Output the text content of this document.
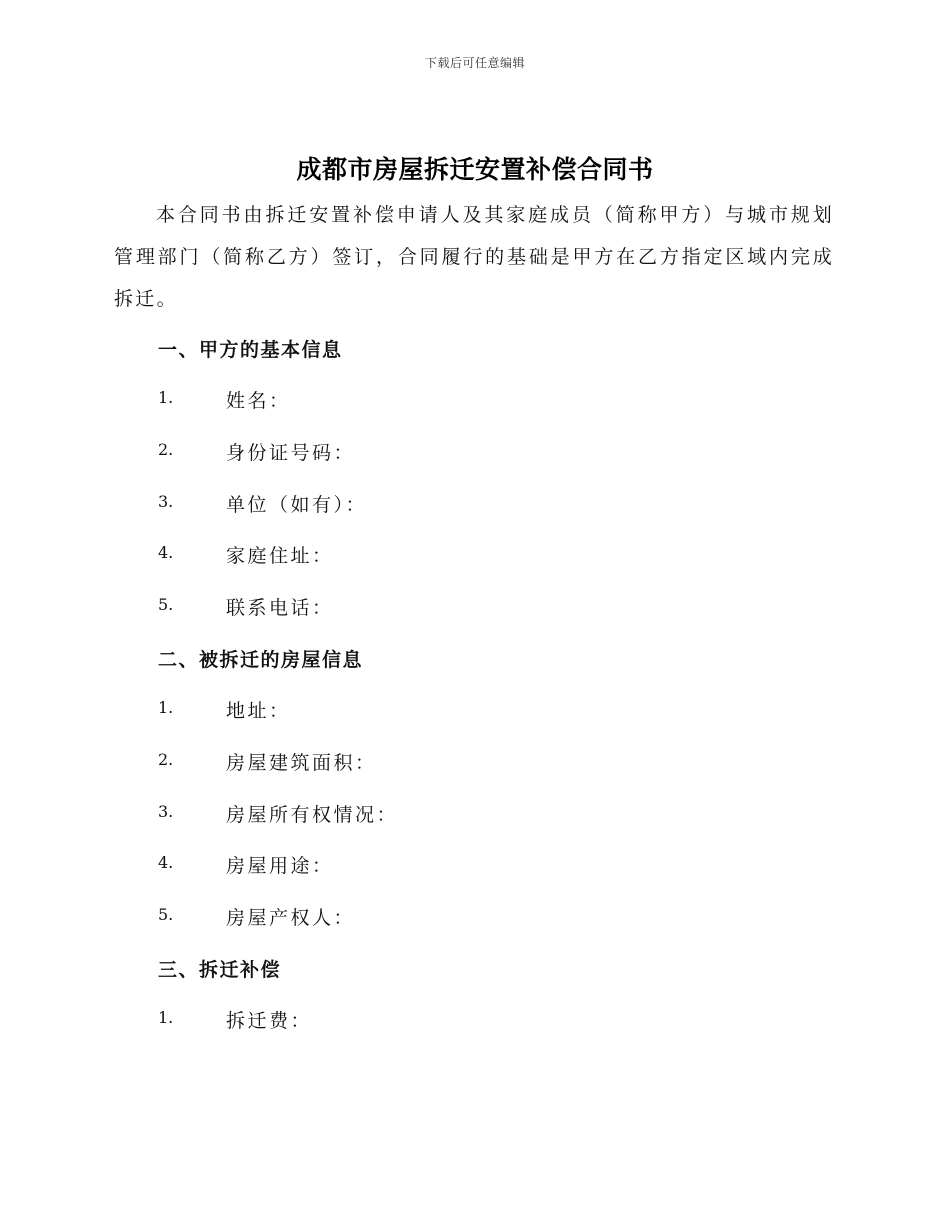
下载后可任意编辑
成都市房屋拆迁安置补偿合同书

本合同书由拆迁安置补偿申请人及其家庭成员（简称甲方）与城市规划管理部门（简称乙方）签订，合同履行的基础是甲方在乙方指定区域内完成拆迁。

一、甲方的基本信息

1.	姓名：
2.	身份证号码：
3.	单位（如有）：
4.	家庭住址：
5.	联系电话：

二、被拆迁的房屋信息

1.	地址：
2.	房屋建筑面积：
3.	房屋所有权情况：
4.	房屋用途：
5.	房屋产权人：

三、拆迁补偿

1.	拆迁费：
